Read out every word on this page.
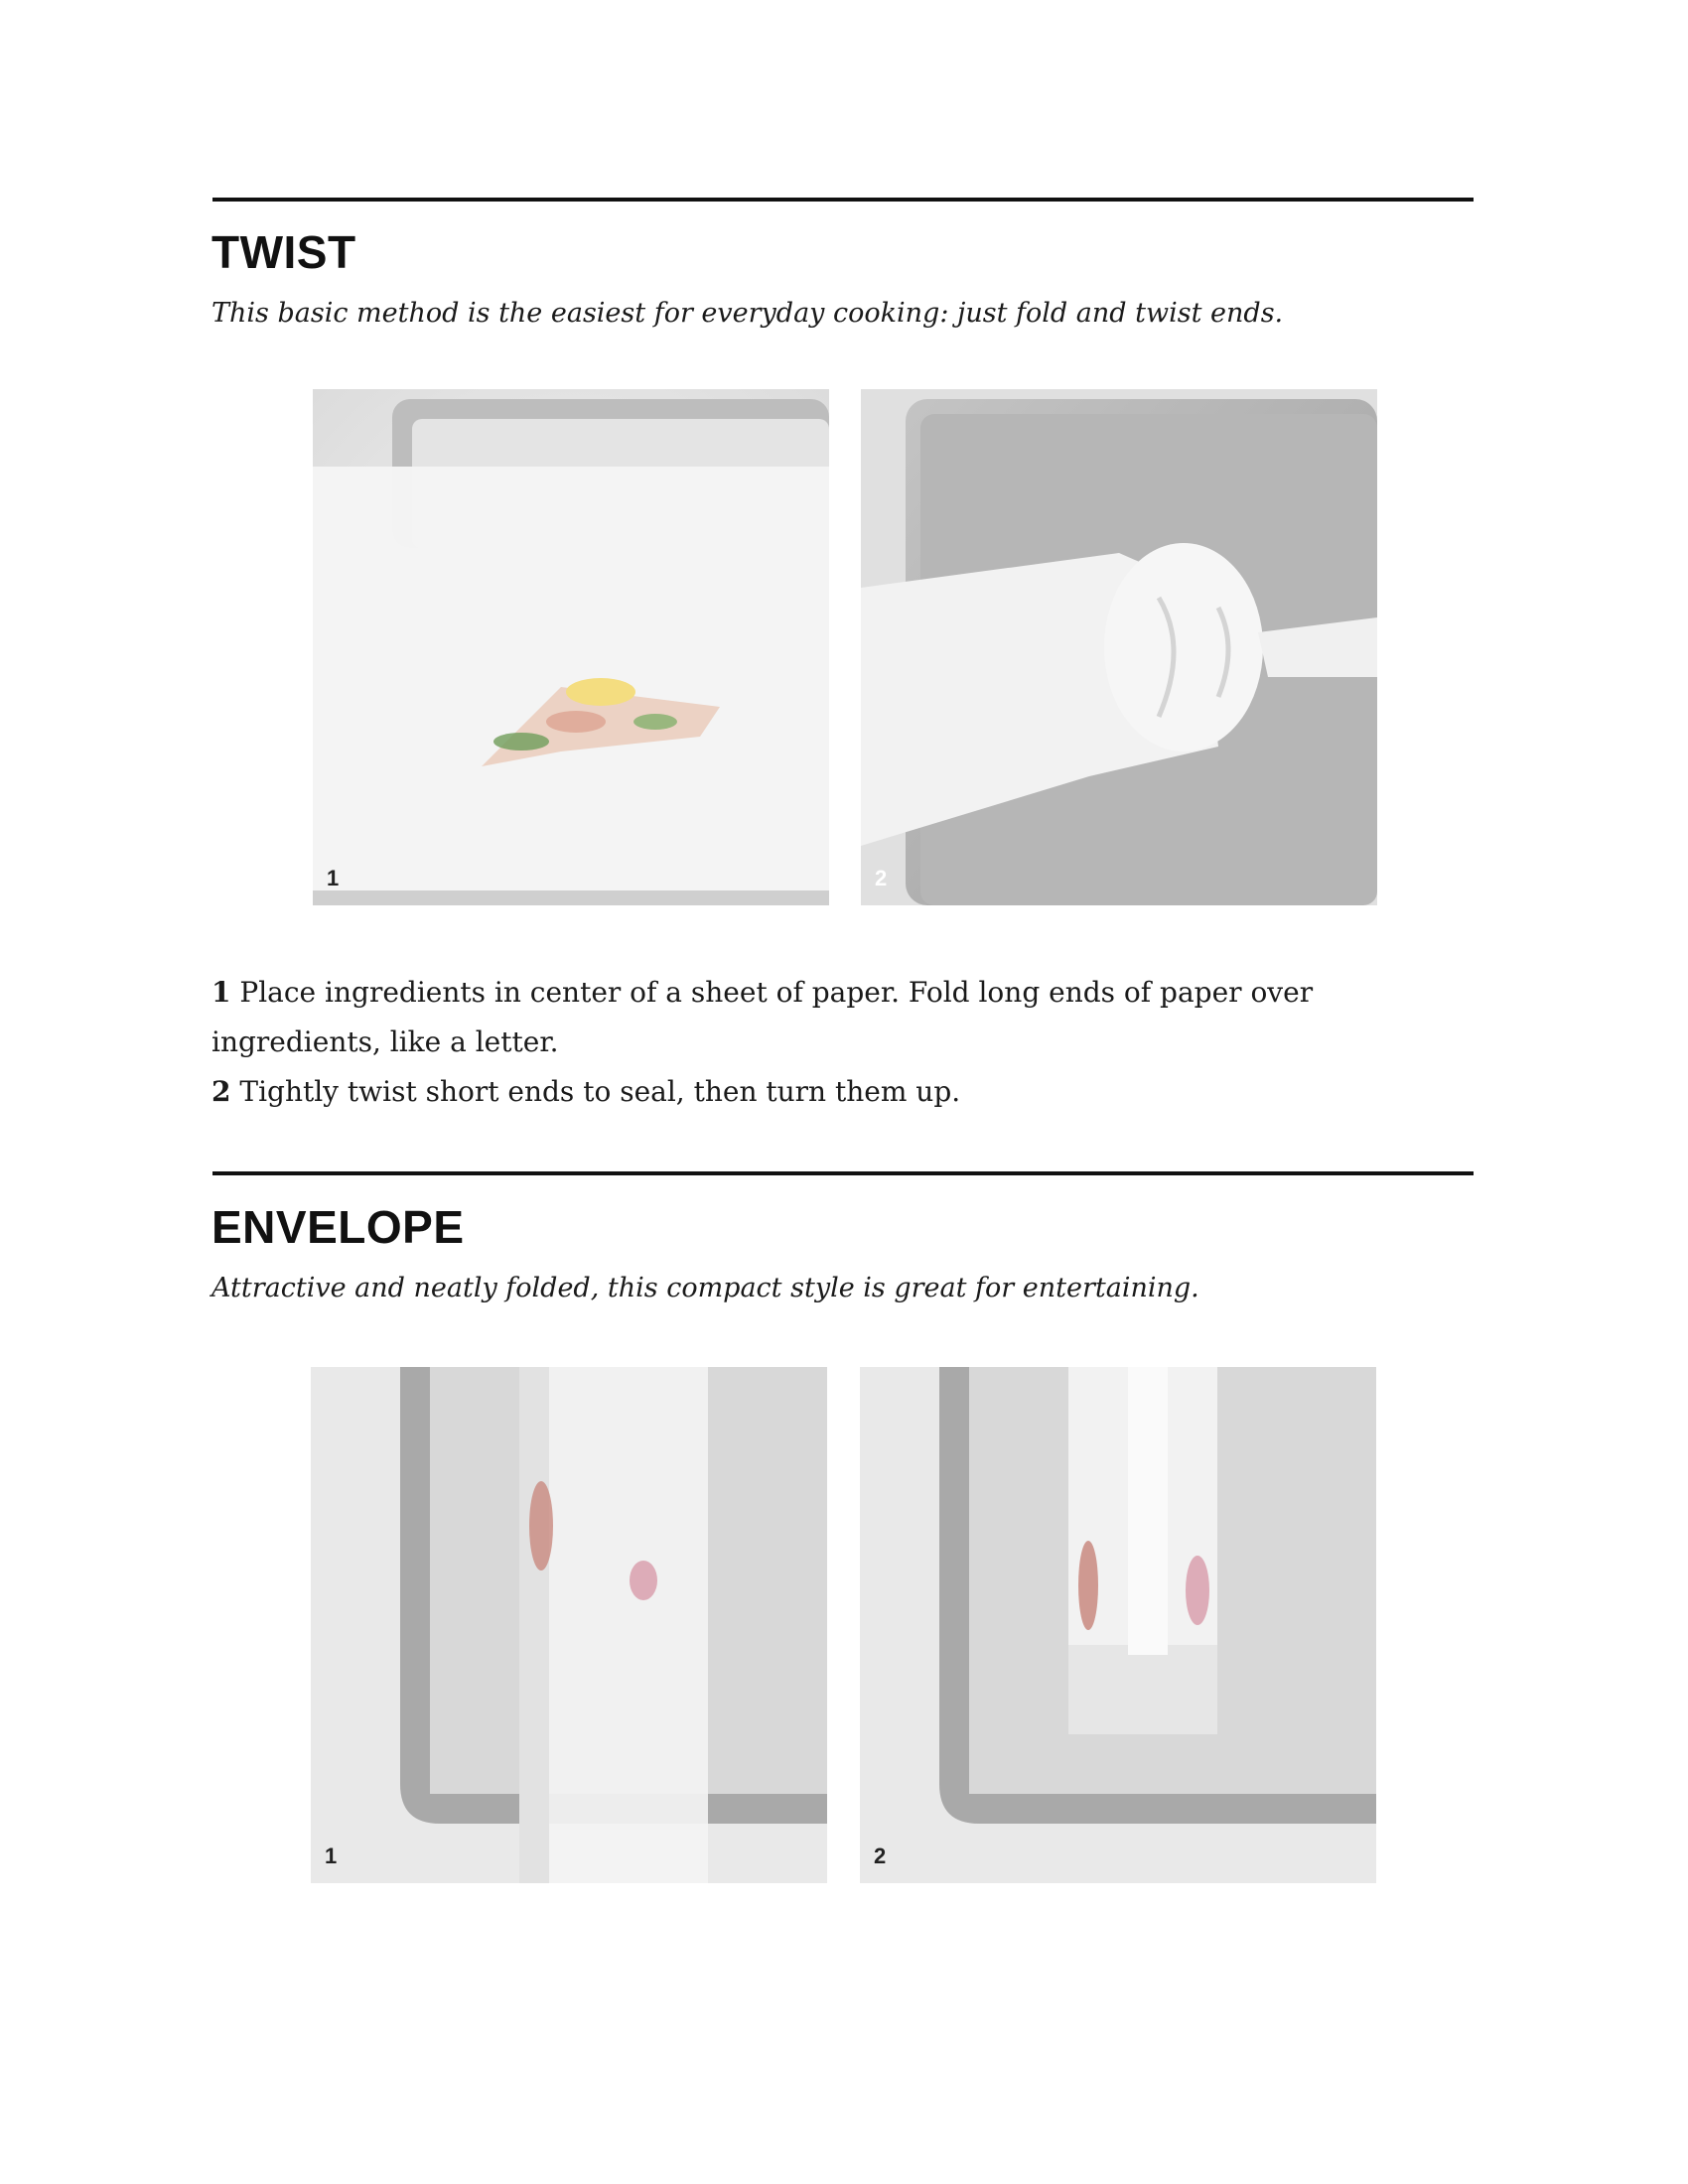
TWIST

This basic method is the easiest for everyday cooking: just fold and twist ends.

1	2

1 Place ingredients in center of a sheet of paper. Fold long ends of paper over ingredients, like a letter.

2 Tightly twist short ends to seal, then turn them up.

ENVELOPE

Attractive and neatly folded, this compact style is great for entertaining.

1	2
